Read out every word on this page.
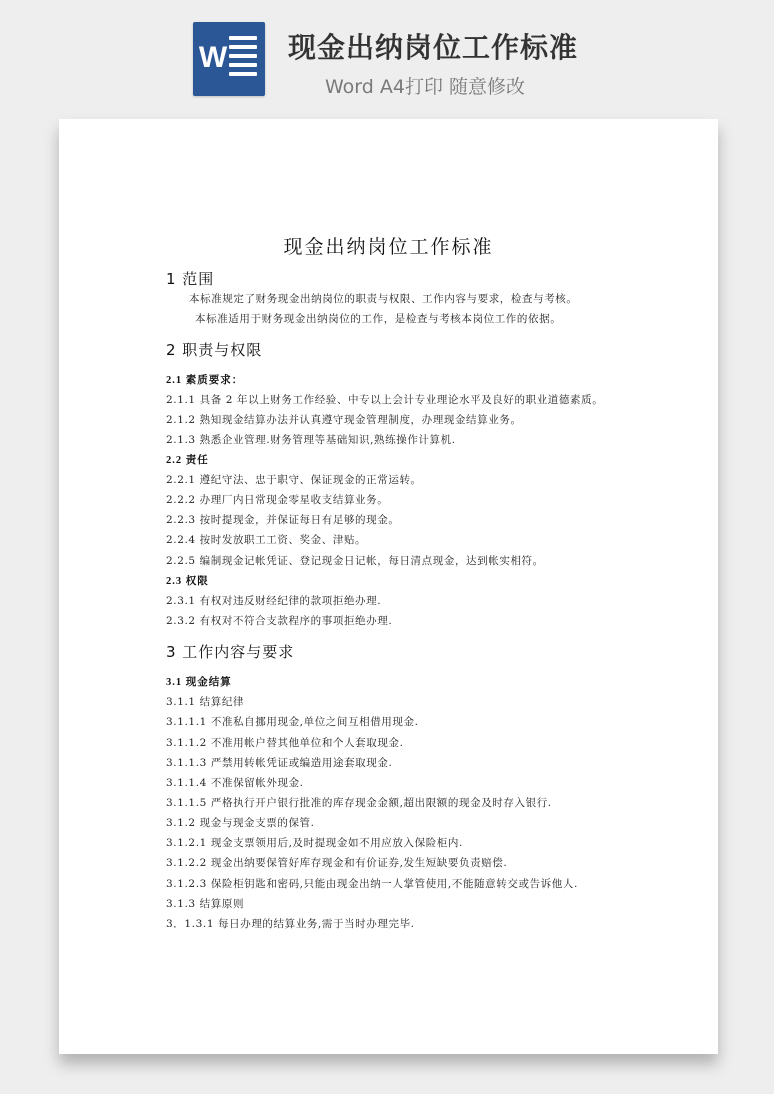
W 现金出纳岗位工作标准
Word A4打印 随意修改
现金出纳岗位工作标准
1 范围
本标准规定了财务现金出纳岗位的职责与权限、工作内容与要求，检查与考核。
本标准适用于财务现金出纳岗位的工作，是检查与考核本岗位工作的依据。
2 职责与权限
2.1 素质要求：
2.1.1 具备 2 年以上财务工作经验、中专以上会计专业理论水平及良好的职业道德素质。
2.1.2 熟知现金结算办法并认真遵守现金管理制度，办理现金结算业务。
2.1.3 熟悉企业管理.财务管理等基础知识,熟练操作计算机.
2.2 责任
2.2.1 遵纪守法、忠于职守、保证现金的正常运转。
2.2.2 办理厂内日常现金零星收支结算业务。
2.2.3 按时提现金，并保证每日有足够的现金。
2.2.4 按时发放职工工资、奖金、津贴。
2.2.5 编制现金记帐凭证、登记现金日记帐，每日清点现金，达到帐实相符。
2.3 权限
2.3.1 有权对违反财经纪律的款项拒绝办理.
2.3.2 有权对不符合支款程序的事项拒绝办理.
3 工作内容与要求
3.1 现金结算
3.1.1 结算纪律
3.1.1.1 不准私自挪用现金,单位之间互相借用现金.
3.1.1.2 不准用帐户替其他单位和个人套取现金.
3.1.1.3 严禁用转帐凭证或编造用途套取现金.
3.1.1.4 不准保留帐外现金.
3.1.1.5 严格执行开户银行批准的库存现金金额,超出限额的现金及时存入银行.
3.1.2 现金与现金支票的保管.
3.1.2.1 现金支票领用后,及时提现金如不用应放入保险柜内.
3.1.2.2 现金出纳要保管好库存现金和有价证券,发生短缺要负责赔偿.
3.1.2.3 保险柜钥匙和密码,只能由现金出纳一人掌管使用,不能随意转交或告诉他人.
3.1.3 结算原则
3．1.3.1 每日办理的结算业务,需于当时办理完毕.
